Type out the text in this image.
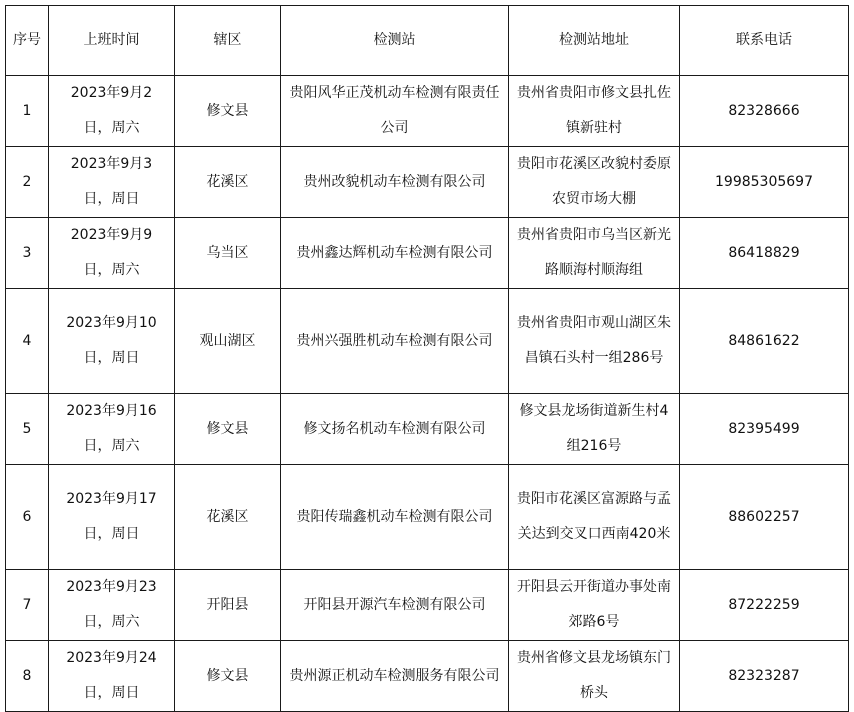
序号	上班时间	辖区	检测站	检测站地址	联系电话
1	2023年9月2日，周六	修文县	贵阳风华正茂机动车检测有限责任公司	贵州省贵阳市修文县扎佐镇新驻村	82328666
2	2023年9月3日，周日	花溪区	贵州改貌机动车检测有限公司	贵阳市花溪区改貌村委原农贸市场大棚	19985305697
3	2023年9月9日，周六	乌当区	贵州鑫达辉机动车检测有限公司	贵州省贵阳市乌当区新光路顺海村顺海组	86418829
4	2023年9月10日，周日	观山湖区	贵州兴强胜机动车检测有限公司	贵州省贵阳市观山湖区朱昌镇石头村一组286号	84861622
5	2023年9月16日，周六	修文县	修文扬名机动车检测有限公司	修文县龙场街道新生村4组216号	82395499
6	2023年9月17日，周日	花溪区	贵阳传瑞鑫机动车检测有限公司	贵阳市花溪区富源路与孟关达到交叉口西南420米	88602257
7	2023年9月23日，周六	开阳县	开阳县开源汽车检测有限公司	开阳县云开街道办事处南郊路6号	87222259
8	2023年9月24日，周日	修文县	贵州源正机动车检测服务有限公司	贵州省修文县龙场镇东门桥头	82323287
